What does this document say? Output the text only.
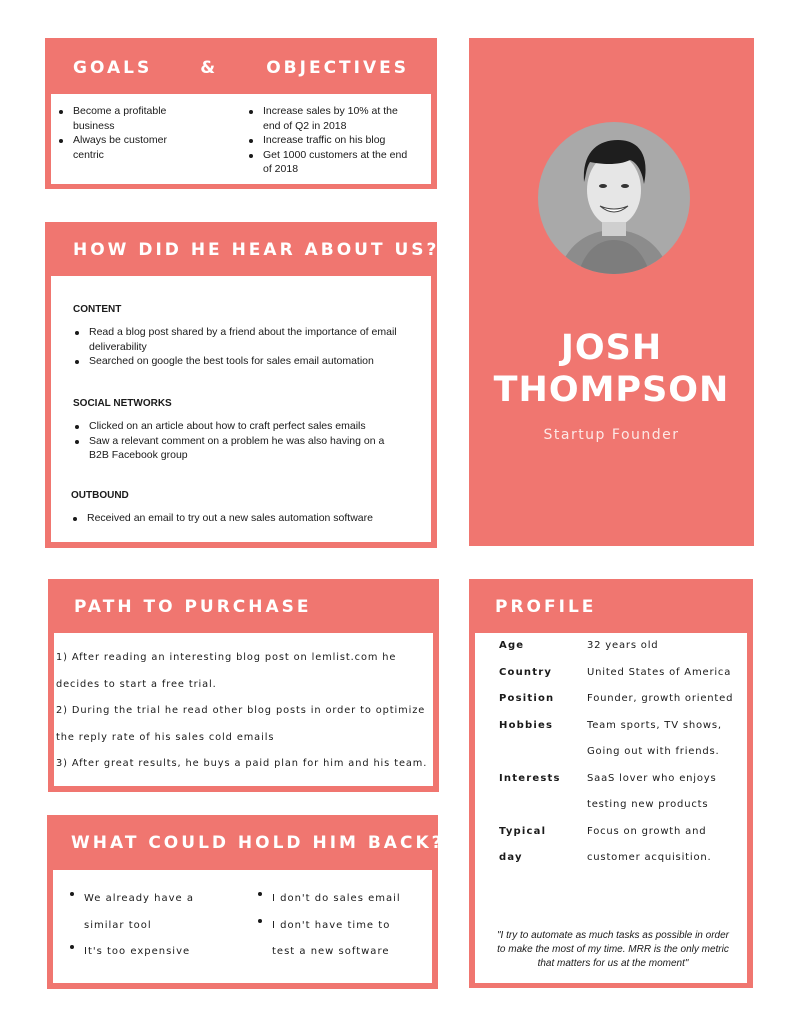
GOALS	&	OBJECTIVES
Become a profitable business
Always be customer centric
Increase sales by 10% at the end of Q2 in 2018
Increase traffic on his blog
Get 1000 customers at the end of 2018
HOW DID HE HEAR ABOUT US?

CONTENT

Read a blog post shared by a friend about the importance of email deliverability
Searched on google the best tools for sales email automation

SOCIAL NETWORKS

Clicked on an article about how to craft perfect sales emails
Saw a relevant comment on a problem he was also having on a B2B Facebook group

OUTBOUND

Received an email to try out a new sales automation software
JOSH
THOMPSON
Startup Founder
PATH TO PURCHASE
1) After reading an interesting blog post on lemlist.com he
decides to start a free trial.
2) During the trial he read other blog posts in order to optimize
the reply rate of his sales cold emails
3) After great results, he buys a paid plan for him and his team.
WHAT COULD HOLD HIM BACK?
We already have a similar tool
It's too expensive
I don't do sales email
I don't have time to test a new software
PROFILE
Age	32 years old
Country	United States of America
Position	Founder, growth oriented
Hobbies	Team sports, TV shows,
Going out with friends.
Interests	SaaS lover who enjoys
testing new products
Typical	Focus on growth and
day	customer acquisition.
"I try to automate as much tasks as possible in order to make the most of my time. MRR is the only metric that matters for us at the moment"
